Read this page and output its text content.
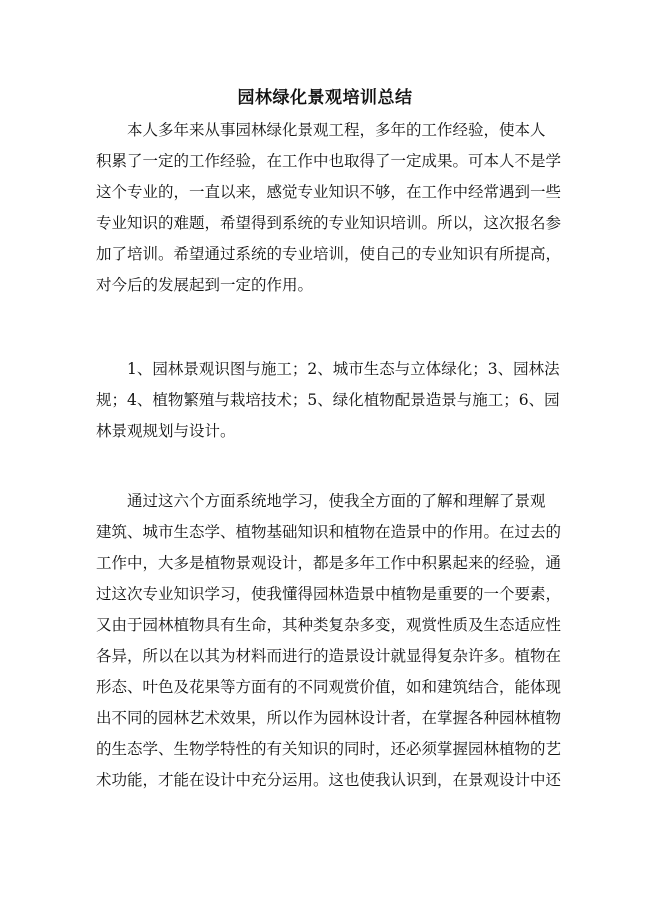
园林绿化景观培训总结
本人多年来从事园林绿化景观工程，多年的工作经验，使本人
积累了一定的工作经验，在工作中也取得了一定成果。可本人不是学
这个专业的，一直以来，感觉专业知识不够，在工作中经常遇到一些
专业知识的难题，希望得到系统的专业知识培训。所以，这次报名参
加了培训。希望通过系统的专业培训，使自己的专业知识有所提高，
对今后的发展起到一定的作用。
1、园林景观识图与施工；2、城市生态与立体绿化；3、园林法
规；4、植物繁殖与栽培技术；5、绿化植物配景造景与施工；6、园
林景观规划与设计。
通过这六个方面系统地学习，使我全方面的了解和理解了景观
建筑、城市生态学、植物基础知识和植物在造景中的作用。在过去的
工作中，大多是植物景观设计，都是多年工作中积累起来的经验，通
过这次专业知识学习，使我懂得园林造景中植物是重要的一个要素，
又由于园林植物具有生命，其种类复杂多变，观赏性质及生态适应性
各异，所以在以其为材料而进行的造景设计就显得复杂许多。植物在
形态、叶色及花果等方面有的不同观赏价值，如和建筑结合，能体现
出不同的园林艺术效果，所以作为园林设计者，在掌握各种园林植物
的生态学、生物学特性的有关知识的同时，还必须掌握园林植物的艺
术功能，才能在设计中充分运用。这也使我认识到，在景观设计中还
